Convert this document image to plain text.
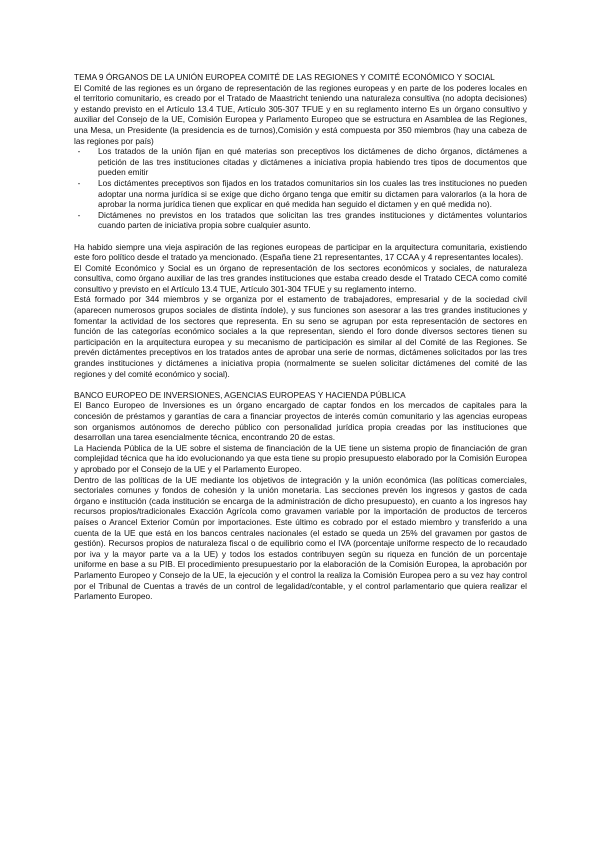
TEMA 9 ÓRGANOS DE LA UNIÓN EUROPEA COMITÉ DE LAS REGIONES Y COMITÉ ECONÓMICO Y SOCIAL

El Comité de las regiones es un órgano de representación de las regiones europeas y en parte de los poderes locales en el territorio comunitario, es creado por el Tratado de Maastricht teniendo una naturaleza consultiva (no adopta decisiones) y estando previsto en el Artículo 13.4 TUE, Artículo 305-307 TFUE y en su reglamento interno Es un órgano consultivo y auxiliar del Consejo de la UE, Comisión Europea y Parlamento Europeo que se estructura en Asamblea de las Regiones, una Mesa, un Presidente (la presidencia es de turnos),Comisión y está compuesta por 350 miembros (hay una cabeza de las regiones por país)

-	Los tratados de la unión fijan en qué materias son preceptivos los dictámenes de dicho órganos, dictámenes a petición de las tres instituciones citadas y dictámenes a iniciativa propia habiendo tres tipos de documentos que pueden emitir
-	Los dictámentes preceptivos son fijados en los tratados comunitarios sin los cuales las tres instituciones no pueden adoptar una norma jurídica si se exige que dicho órgano tenga que emitir su dictamen para valorarlos (a la hora de aprobar la norma jurídica tienen que explicar en qué medida han seguido el dictamen y en qué medida no).
-	Dictámenes no previstos en los tratados que solicitan las tres grandes instituciones y dictámentes voluntarios cuando parten de iniciativa propia sobre cualquier asunto.

Ha habido siempre una vieja aspiración de las regiones europeas de participar en la arquitectura comunitaria, existiendo este foro político desde el tratado ya mencionado. (España tiene 21 representantes, 17 CCAA y 4 representantes locales).

El Comité Económico y Social es un órgano de representación de los sectores económicos y sociales, de naturaleza consultiva, como órgano auxiliar de las tres grandes instituciones que estaba creado desde el Tratado CECA como comité consultivo y previsto en el Artículo 13.4 TUE, Artículo 301-304 TFUE y su reglamento interno.

Está formado por 344 miembros y se organiza por el estamento de trabajadores, empresarial y de la sociedad civil (aparecen numerosos grupos sociales de distinta índole), y sus funciones son asesorar a las tres grandes instituciones y fomentar la actividad de los sectores que representa. En su seno se agrupan por esta representación de sectores en función de las categorías económico sociales a la que representan, siendo el foro donde diversos sectores tienen su participación en la arquitectura europea y su mecanismo de participación es similar al del Comité de las Regiones. Se prevén dictámentes preceptivos en los tratados antes de aprobar una serie de normas, dictámenes solicitados por las tres grandes instituciones y dictámenes a iniciativa propia (normalmente se suelen solicitar dictámenes del comité de las regiones y del comité económico y social).

BANCO EUROPEO DE INVERSIONES, AGENCIAS EUROPEAS Y HACIENDA PÚBLICA

El Banco Europeo de Inversiones es un órgano encargado de captar fondos en los mercados de capitales para la concesión de préstamos y garantías de cara a financiar proyectos de interés común comunitario y las agencias europeas son organismos autónomos de derecho público con personalidad jurídica propia creadas por las instituciones que desarrollan una tarea esencialmente técnica, encontrando 20 de estas.

La Hacienda Pública de la UE sobre el sistema de financiación de la UE tiene un sistema propio de financiación de gran complejidad técnica que ha ido evolucionando ya que esta tiene su propio presupuesto elaborado por la Comisión Europea y aprobado por el Consejo de la UE y el Parlamento Europeo.

Dentro de las políticas de la UE mediante los objetivos de integración y la unión económica (las políticas comerciales, sectoriales comunes y fondos de cohesión y la unión monetaria. Las secciones prevén los ingresos y gastos de cada órgano e institución (cada institución se encarga de la administración de dicho presupuesto), en cuanto a los ingresos hay recursos propios/tradicionales Exacción Agrícola como gravamen variable por la importación de productos de terceros países o Arancel Exterior Común por importaciones. Este último es cobrado por el estado miembro y transferido a una cuenta de la UE que está en los bancos centrales nacionales (el estado se queda un 25% del gravamen por gastos de gestión). Recursos propios de naturaleza fiscal o de equilibrio como el IVA (porcentaje uniforme respecto de lo recaudado por iva y la mayor parte va a la UE) y todos los estados contribuyen según su riqueza en función de un porcentaje uniforme en base a su PIB. El procedimiento presupuestario por la elaboración de la Comisión Europea, la aprobación por Parlamento Europeo y Consejo de la UE, la ejecución y el control la realiza la Comisión Europea pero a su vez hay control por el Tribunal de Cuentas a través de un control de legalidad/contable, y el control parlamentario que quiera realizar el Parlamento Europeo.
